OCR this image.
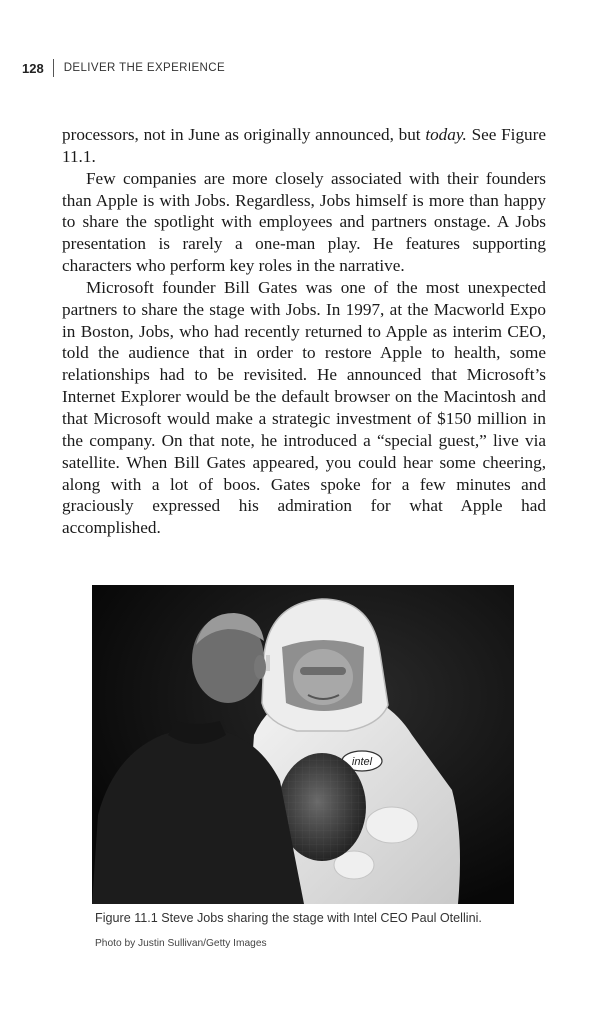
128 DELIVER THE EXPERIENCE

processors, not in June as originally announced, but today. See Figure 11.1.

Few companies are more closely associated with their founders than Apple is with Jobs. Regardless, Jobs himself is more than happy to share the spotlight with employees and partners onstage. A Jobs presentation is rarely a one-man play. He features supporting characters who perform key roles in the narrative.

Microsoft founder Bill Gates was one of the most unexpected partners to share the stage with Jobs. In 1997, at the Macworld Expo in Boston, Jobs, who had recently returned to Apple as interim CEO, told the audience that in order to restore Apple to health, some relationships had to be revisited. He announced that Microsoft’s Internet Explorer would be the default browser on the Macintosh and that Microsoft would make a strategic investment of $150 million in the company. On that note, he introduced a “special guest,” live via satellite. When Bill Gates appeared, you could hear some cheering, along with a lot of boos. Gates spoke for a few minutes and graciously expressed his admiration for what Apple had accomplished.

intel
Figure 11.1 Steve Jobs sharing the stage with Intel CEO Paul Otellini.
Photo by Justin Sullivan/Getty Images
